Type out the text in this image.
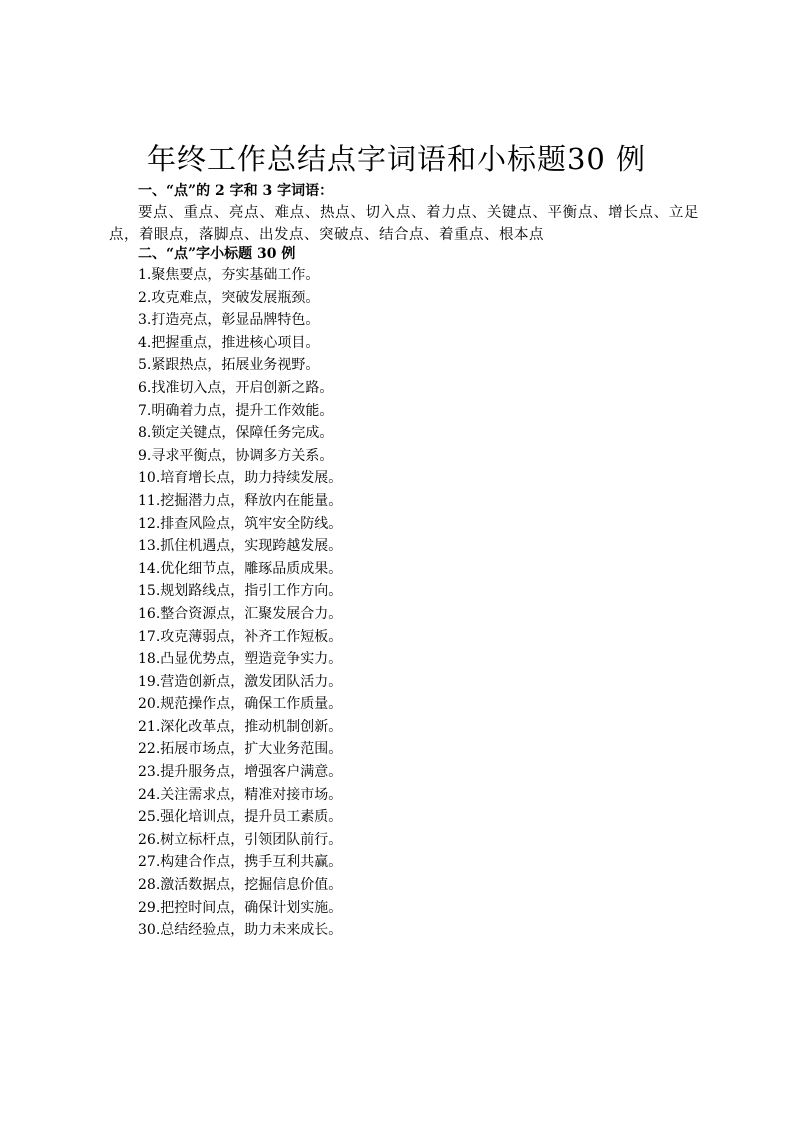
年终工作总结点字词语和小标题30 例
一、“点”的 2 字和 3 字词语：
要点、重点、亮点、难点、热点、切入点、着力点、关键点、平衡点、增长点、立足点，着眼点，落脚点、出发点、突破点、结合点、着重点、根本点
二、“点”字小标题 30 例
1.聚焦要点，夯实基础工作。
2.攻克难点，突破发展瓶颈。
3.打造亮点，彰显品牌特色。
4.把握重点，推进核心项目。
5.紧跟热点，拓展业务视野。
6.找准切入点，开启创新之路。
7.明确着力点，提升工作效能。
8.锁定关键点，保障任务完成。
9.寻求平衡点，协调多方关系。
10.培育增长点，助力持续发展。
11.挖掘潜力点，释放内在能量。
12.排查风险点，筑牢安全防线。
13.抓住机遇点，实现跨越发展。
14.优化细节点，雕琢品质成果。
15.规划路线点，指引工作方向。
16.整合资源点，汇聚发展合力。
17.攻克薄弱点，补齐工作短板。
18.凸显优势点，塑造竞争实力。
19.营造创新点，激发团队活力。
20.规范操作点，确保工作质量。
21.深化改革点，推动机制创新。
22.拓展市场点，扩大业务范围。
23.提升服务点，增强客户满意。
24.关注需求点，精准对接市场。
25.强化培训点，提升员工素质。
26.树立标杆点，引领团队前行。
27.构建合作点，携手互利共赢。
28.激活数据点，挖掘信息价值。
29.把控时间点，确保计划实施。
30.总结经验点，助力未来成长。
